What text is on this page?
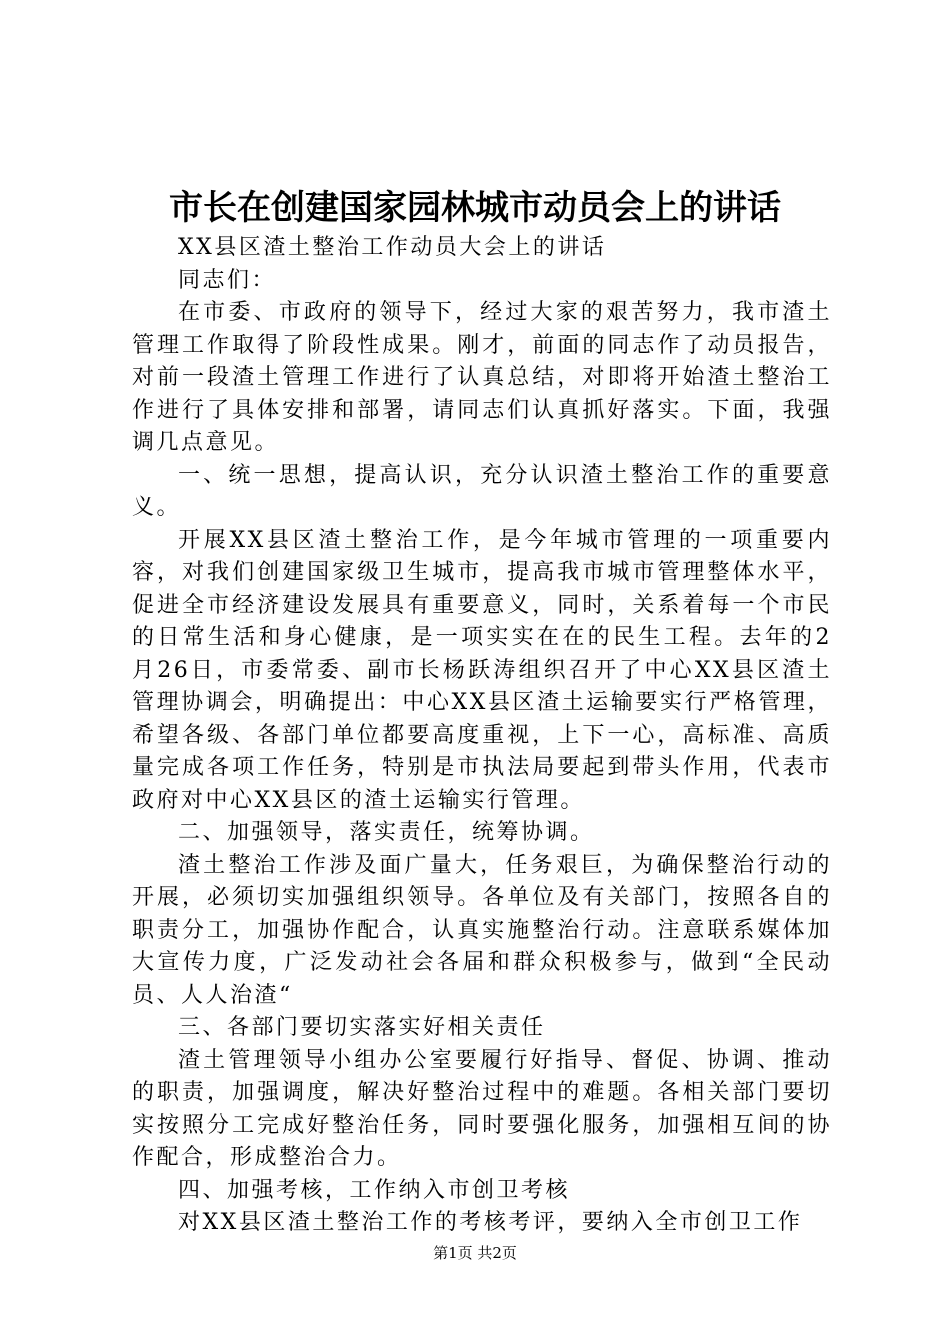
市长在创建国家园林城市动员会上的讲话

XX县区渣土整治工作动员大会上的讲话

同志们：

在市委、市政府的领导下，经过大家的艰苦努力，我市渣土管理工作取得了阶段性成果。刚才，前面的同志作了动员报告，对前一段渣土管理工作进行了认真总结，对即将开始渣土整治工作进行了具体安排和部署，请同志们认真抓好落实。下面，我强调几点意见。

一、统一思想，提高认识，充分认识渣土整治工作的重要意义。

开展XX县区渣土整治工作，是今年城市管理的一项重要内容，对我们创建国家级卫生城市，提高我市城市管理整体水平，促进全市经济建设发展具有重要意义，同时，关系着每一个市民的日常生活和身心健康，是一项实实在在的民生工程。去年的2月26日，市委常委、副市长杨跃涛组织召开了中心XX县区渣土管理协调会，明确提出：中心XX县区渣土运输要实行严格管理，希望各级、各部门单位都要高度重视，上下一心，高标准、高质量完成各项工作任务，特别是市执法局要起到带头作用，代表市政府对中心XX县区的渣土运输实行管理。

二、加强领导，落实责任，统筹协调。

渣土整治工作涉及面广量大，任务艰巨，为确保整治行动的开展，必须切实加强组织领导。各单位及有关部门，按照各自的职责分工，加强协作配合，认真实施整治行动。注意联系媒体加大宣传力度，广泛发动社会各届和群众积极参与，做到“全民动员、人人治渣“

三、各部门要切实落实好相关责任

渣土管理领导小组办公室要履行好指导、督促、协调、推动的职责，加强调度，解决好整治过程中的难题。各相关部门要切实按照分工完成好整治任务，同时要强化服务，加强相互间的协作配合，形成整治合力。

四、加强考核，工作纳入市创卫考核

对XX县区渣土整治工作的考核考评，要纳入全市创卫工作

第1页 共2页
